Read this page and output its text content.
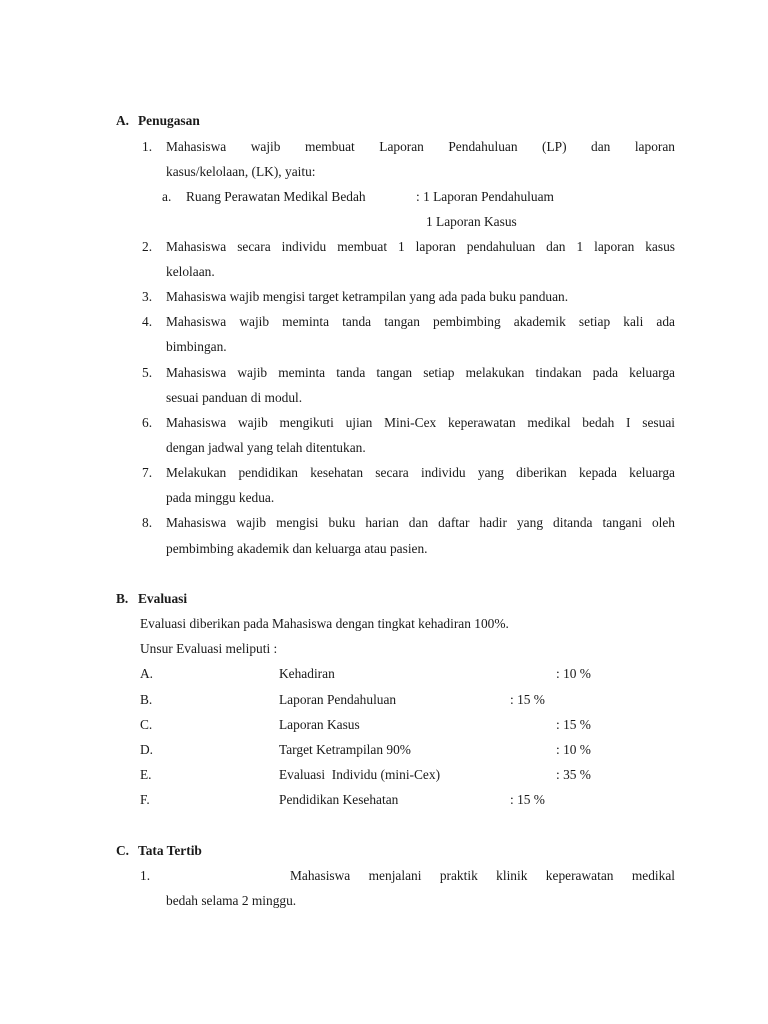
A. Penugasan
1. Mahasiswa wajib membuat Laporan Pendahuluan (LP) dan laporan
kasus/kelolaan, (LK), yaitu:
a. Ruang Perawatan Medikal Bedah	: 1 Laporan Pendahuluam
1 Laporan Kasus
2. Mahasiswa secara individu membuat 1 laporan pendahuluan dan 1 laporan kasus
kelolaan.
3. Mahasiswa wajib mengisi target ketrampilan yang ada pada buku panduan.
4. Mahasiswa wajib meminta tanda tangan pembimbing akademik setiap kali ada
bimbingan.
5. Mahasiswa wajib meminta tanda tangan setiap melakukan tindakan pada keluarga
sesuai panduan di modul.
6. Mahasiswa wajib mengikuti ujian Mini-Cex keperawatan medikal bedah I sesuai
dengan jadwal yang telah ditentukan.
7. Melakukan pendidikan kesehatan secara individu yang diberikan kepada keluarga
pada minggu kedua.
8. Mahasiswa wajib mengisi buku harian dan daftar hadir yang ditanda tangani oleh
pembimbing akademik dan keluarga atau pasien.
B. Evaluasi
Evaluasi diberikan pada Mahasiswa dengan tingkat kehadiran 100%.
Unsur Evaluasi meliputi :
A.	Kehadiran	: 10 %
B.	Laporan Pendahuluan	: 15 %
C.	Laporan Kasus	: 15 %
D.	Target Ketrampilan 90%	: 10 %
E.	Evaluasi  Individu (mini-Cex)	: 35 %
F.	Pendidikan Kesehatan	: 15 %
C. Tata Tertib
1.	Mahasiswa menjalani praktik klinik keperawatan medikal
bedah selama 2 minggu.
